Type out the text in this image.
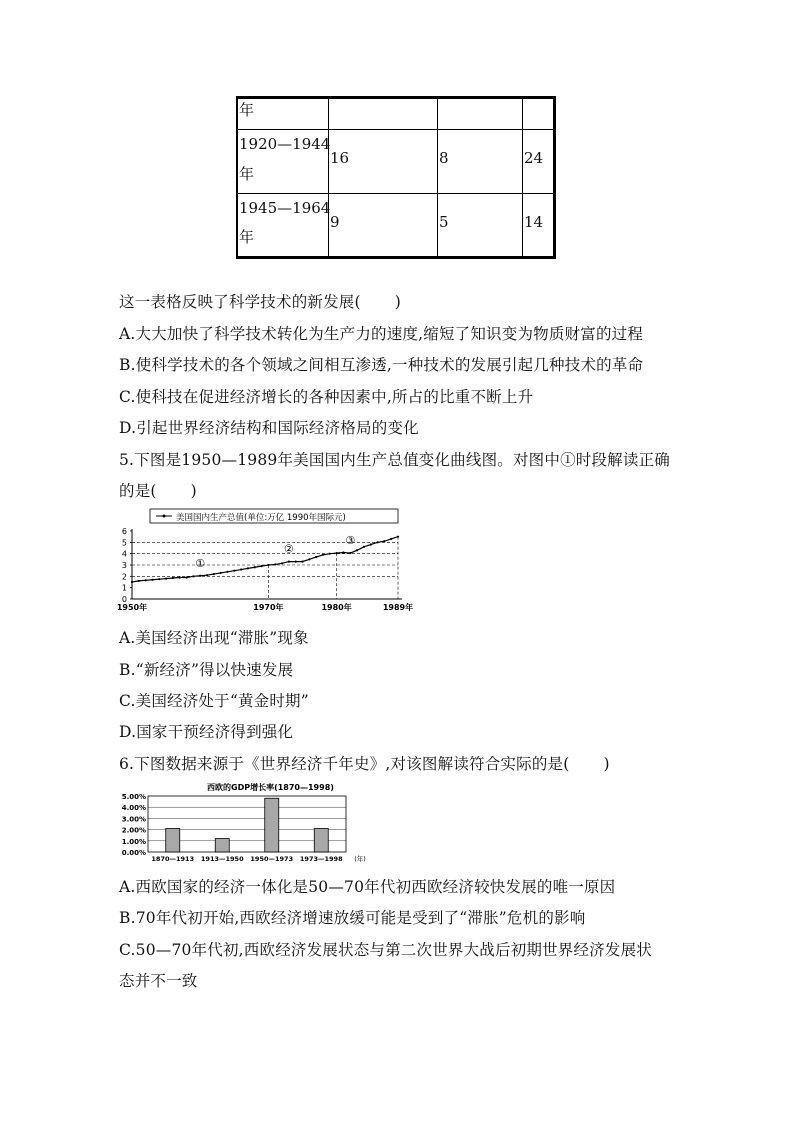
年
1920—1944
年
16	8	24
1945—1964
年
9	5	14
这一表格反映了科学技术的新发展( )
A.大大加快了科学技术转化为生产力的速度,缩短了知识变为物质财富的过程
B.使科学技术的各个领域之间相互渗透,一种技术的发展引起几种技术的革命
C.使科技在促进经济增长的各种因素中,所占的比重不断上升
D.引起世界经济结构和国际经济格局的变化
5.下图是1950—1989年美国国内生产总值变化曲线图。对图中①时段解读正确
的是( )
美国国内生产总值(单位:万亿 1990年国际元)
0
1
2
3
4
5
6
1950年	1970年	1980年	1989年
①
②
③
A.美国经济出现“滞胀”现象
B.“新经济”得以快速发展
C.美国经济处于“黄金时期”
D.国家干预经济得到强化
6.下图数据来源于《世界经济千年史》,对该图解读符合实际的是( )
西欧的GDP增长率(1870—1998)
5.00%
4.00%
3.00%
2.00%
1.00%
0.00%
1870—1913 1913—1950 1950—1973 1973—1998 (年)
A.西欧国家的经济一体化是50—70年代初西欧经济较快发展的唯一原因
B.70年代初开始,西欧经济增速放缓可能是受到了“滞胀”危机的影响
C.50—70年代初,西欧经济发展状态与第二次世界大战后初期世界经济发展状
态并不一致
